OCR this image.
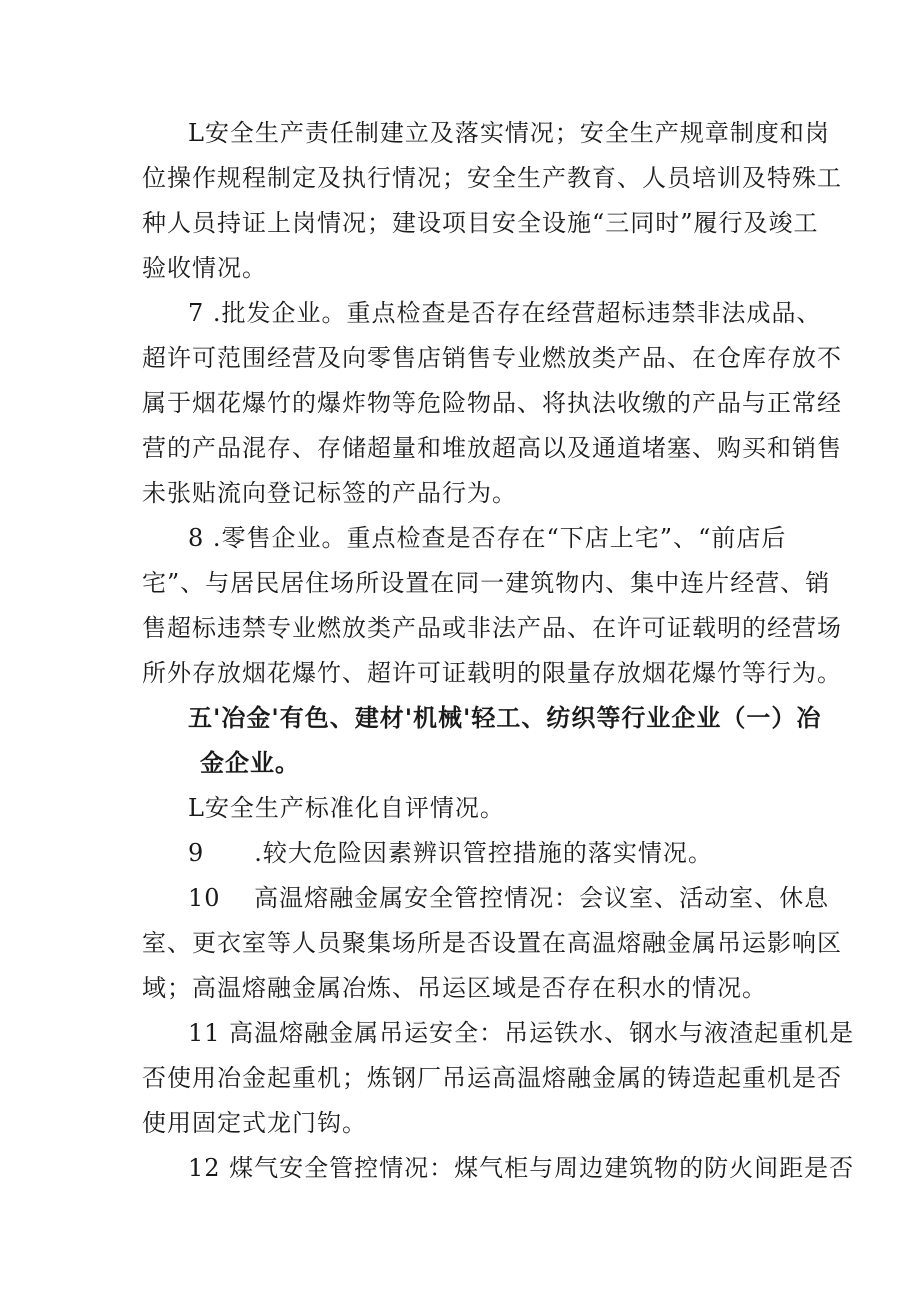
L安全生产责任制建立及落实情况；安全生产规章制度和岗
位操作规程制定及执行情况；安全生产教育、人员培训及特殊工
种人员持证上岗情况；建设项目安全设施“三同时”履行及竣工
验收情况。
7 .批发企业。重点检查是否存在经营超标违禁非法成品、
超许可范围经营及向零售店销售专业燃放类产品、在仓库存放不
属于烟花爆竹的爆炸物等危险物品、将执法收缴的产品与正常经
营的产品混存、存储超量和堆放超高以及通道堵塞、购买和销售
未张贴流向登记标签的产品行为。
8 .零售企业。重点检查是否存在“下店上宅”、“前店后
宅”、与居民居住场所设置在同一建筑物内、集中连片经营、销
售超标违禁专业燃放类产品或非法产品、在许可证载明的经营场
所外存放烟花爆竹、超许可证载明的限量存放烟花爆竹等行为。
五'冶金'有色、建材'机械'轻工、纺织等行业企业（一）冶
金企业。
L安全生产标准化自评情况。
9　　.较大危险因素辨识管控措施的落实情况。
10　 高温熔融金属安全管控情况：会议室、活动室、休息
室、更衣室等人员聚集场所是否设置在高温熔融金属吊运影响区
域；高温熔融金属冶炼、吊运区域是否存在积水的情况。
11 高温熔融金属吊运安全：吊运铁水、钢水与液渣起重机是
否使用冶金起重机；炼钢厂吊运高温熔融金属的铸造起重机是否
使用固定式龙门钩。
12 煤气安全管控情况：煤气柜与周边建筑物的防火间距是否
